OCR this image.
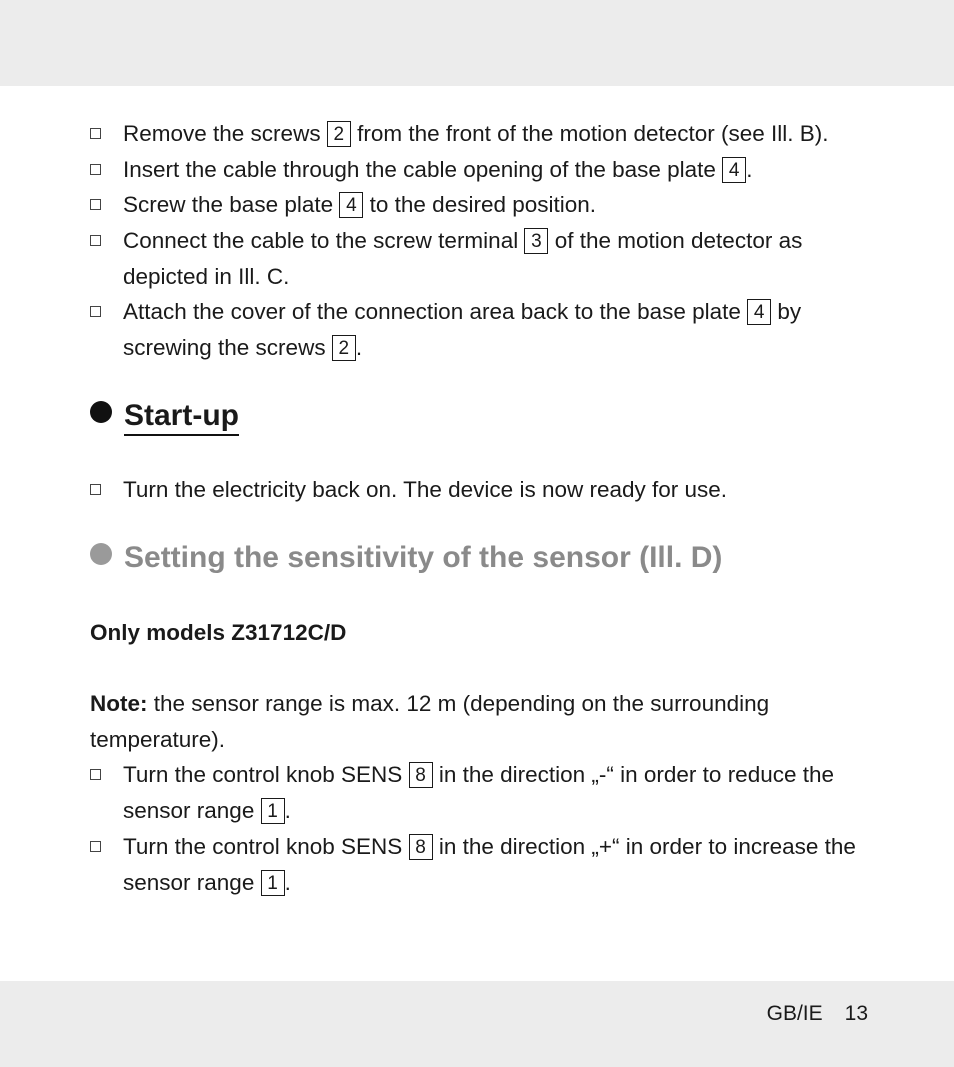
Remove the screws 2 from the front of the motion detector (see Ill. B).
Insert the cable through the cable opening of the base plate 4 .
Screw the base plate 4 to the desired position.
Connect the cable to the screw terminal 3 of the motion detector as depicted in Ill. C.
Attach the cover of the connection area back to the base plate 4 by screwing the screws 2 .
Start-up
Turn the electricity back on. The device is now ready for use.
Setting the sensitivity of the sensor (Ill. D)
Only models Z31712C/D
Note: the sensor range is max. 12 m (depending on the surrounding temperature).
Turn the control knob SENS 8 in the direction „-“ in order to reduce the sensor range 1 .
Turn the control knob SENS 8 in the direction „+“ in order to increase the sensor range 1 .
GB/IE 13
